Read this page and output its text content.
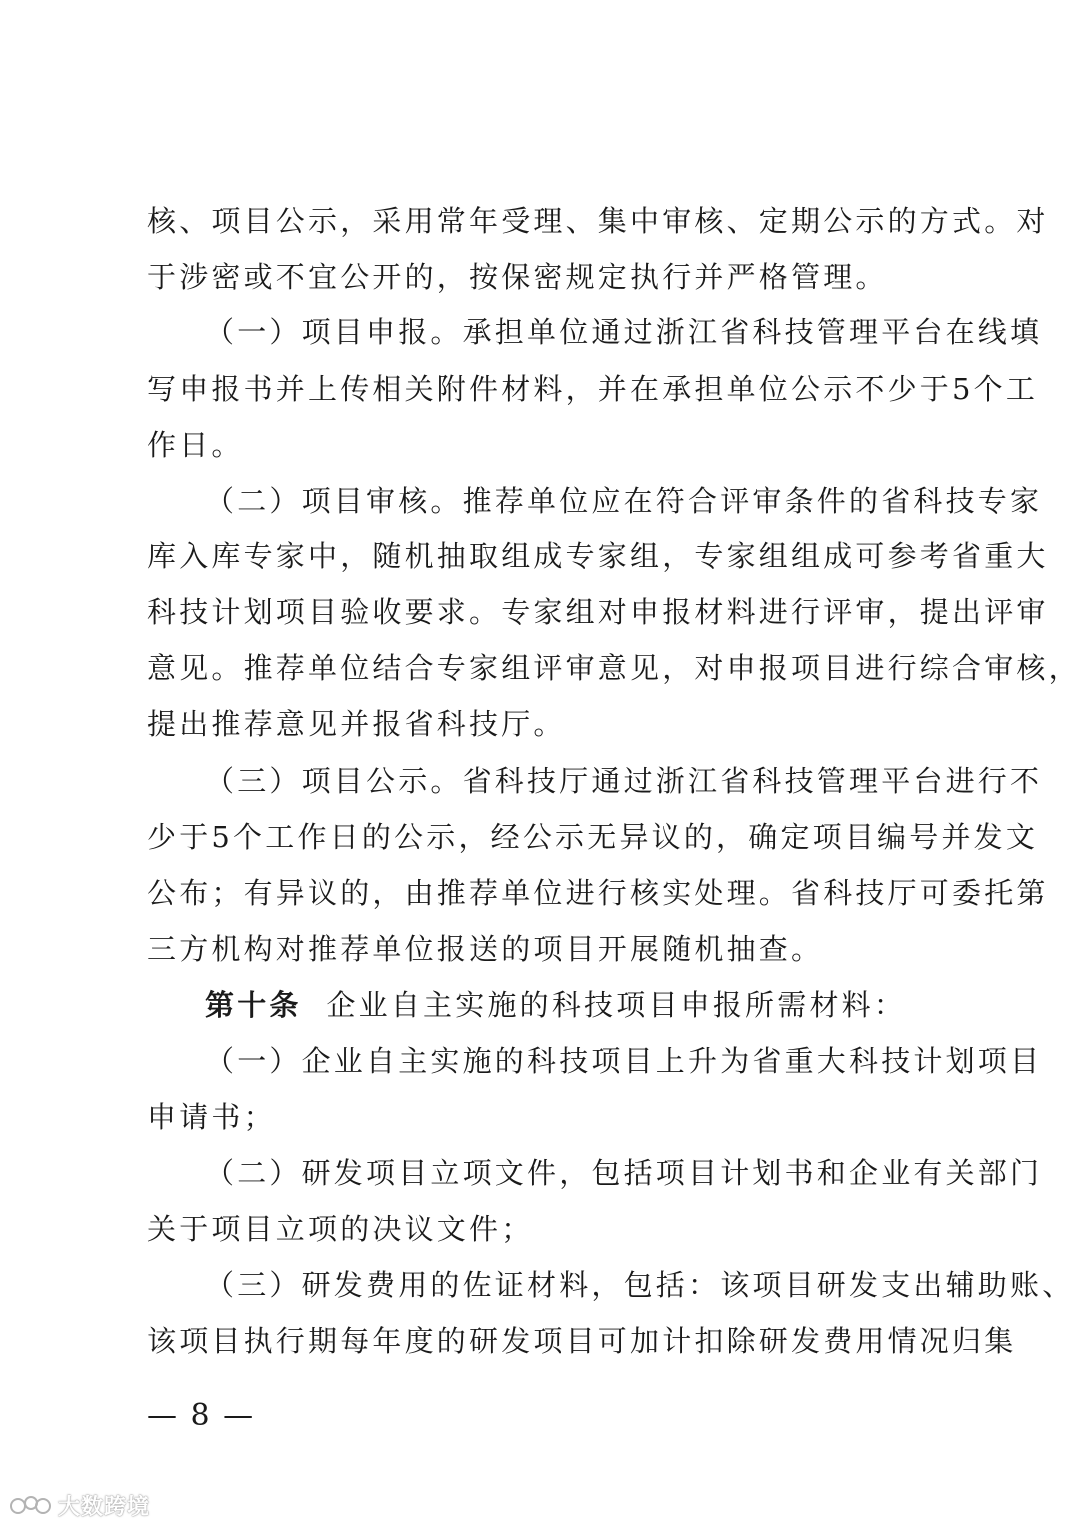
核、项目公示，采用常年受理、集中审核、定期公示的方式。对
于涉密或不宜公开的，按保密规定执行并严格管理。
（一）项目申报。承担单位通过浙江省科技管理平台在线填
写申报书并上传相关附件材料，并在承担单位公示不少于5个工
作日。
（二）项目审核。推荐单位应在符合评审条件的省科技专家
库入库专家中，随机抽取组成专家组，专家组组成可参考省重大
科技计划项目验收要求。专家组对申报材料进行评审，提出评审
意见。推荐单位结合专家组评审意见，对申报项目进行综合审核，
提出推荐意见并报省科技厅。
（三）项目公示。省科技厅通过浙江省科技管理平台进行不
少于5个工作日的公示，经公示无异议的，确定项目编号并发文
公布；有异议的，由推荐单位进行核实处理。省科技厅可委托第
三方机构对推荐单位报送的项目开展随机抽查。
第十条 企业自主实施的科技项目申报所需材料：
（一）企业自主实施的科技项目上升为省重大科技计划项目
申请书；
（二）研发项目立项文件，包括项目计划书和企业有关部门
关于项目立项的决议文件；
（三）研发费用的佐证材料，包括：该项目研发支出辅助账、
该项目执行期每年度的研发项目可加计扣除研发费用情况归集
— 8 —
大数跨境
